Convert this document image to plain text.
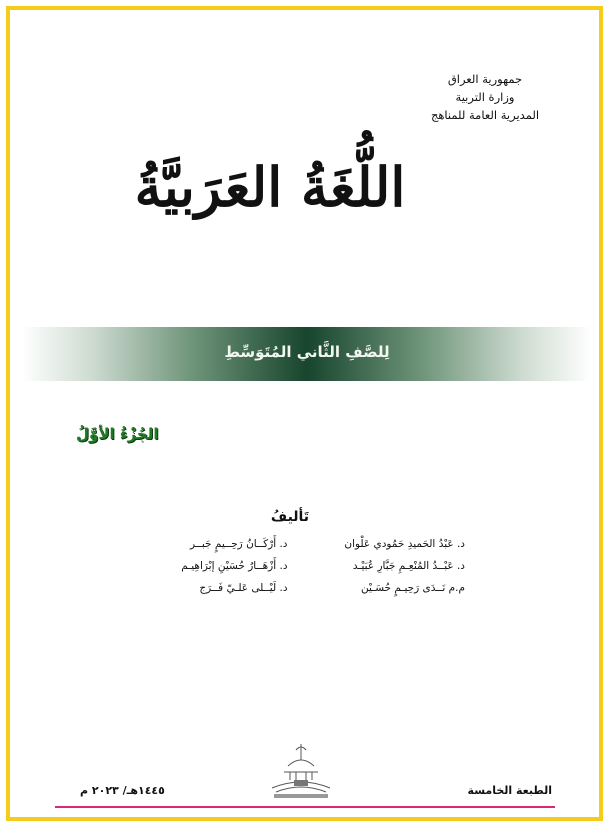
جمهورية العراق
وزارة التربية
المديرية العامة للمناهج
اللُّغَةُ العَرَبيَّةُ
لِلصَّفِ الثَّاني المُتَوَسِّطِ
الجُزْءُ الأوَّلُ
تَأليفُ
د. عَبْدُ الحَميدِ حَمُودي عَلْوان
د. أَرْكَــانُ رَحِــيمٍ جَبــر
د. عَبْــدُ المُنْعِـمِ جَبَّارِ عُبَيْـد
د. أَزْهَــارُ حُسَيْنِ إبْرَاهِيـم
م.م نَــدَى رَحِيـمٍ حُسَـيْن
د. لَيْــلى عَلـيّ فَــرَج
الطبعة الخامسة
١٤٤٥هـ/ ٢٠٢٣ م
